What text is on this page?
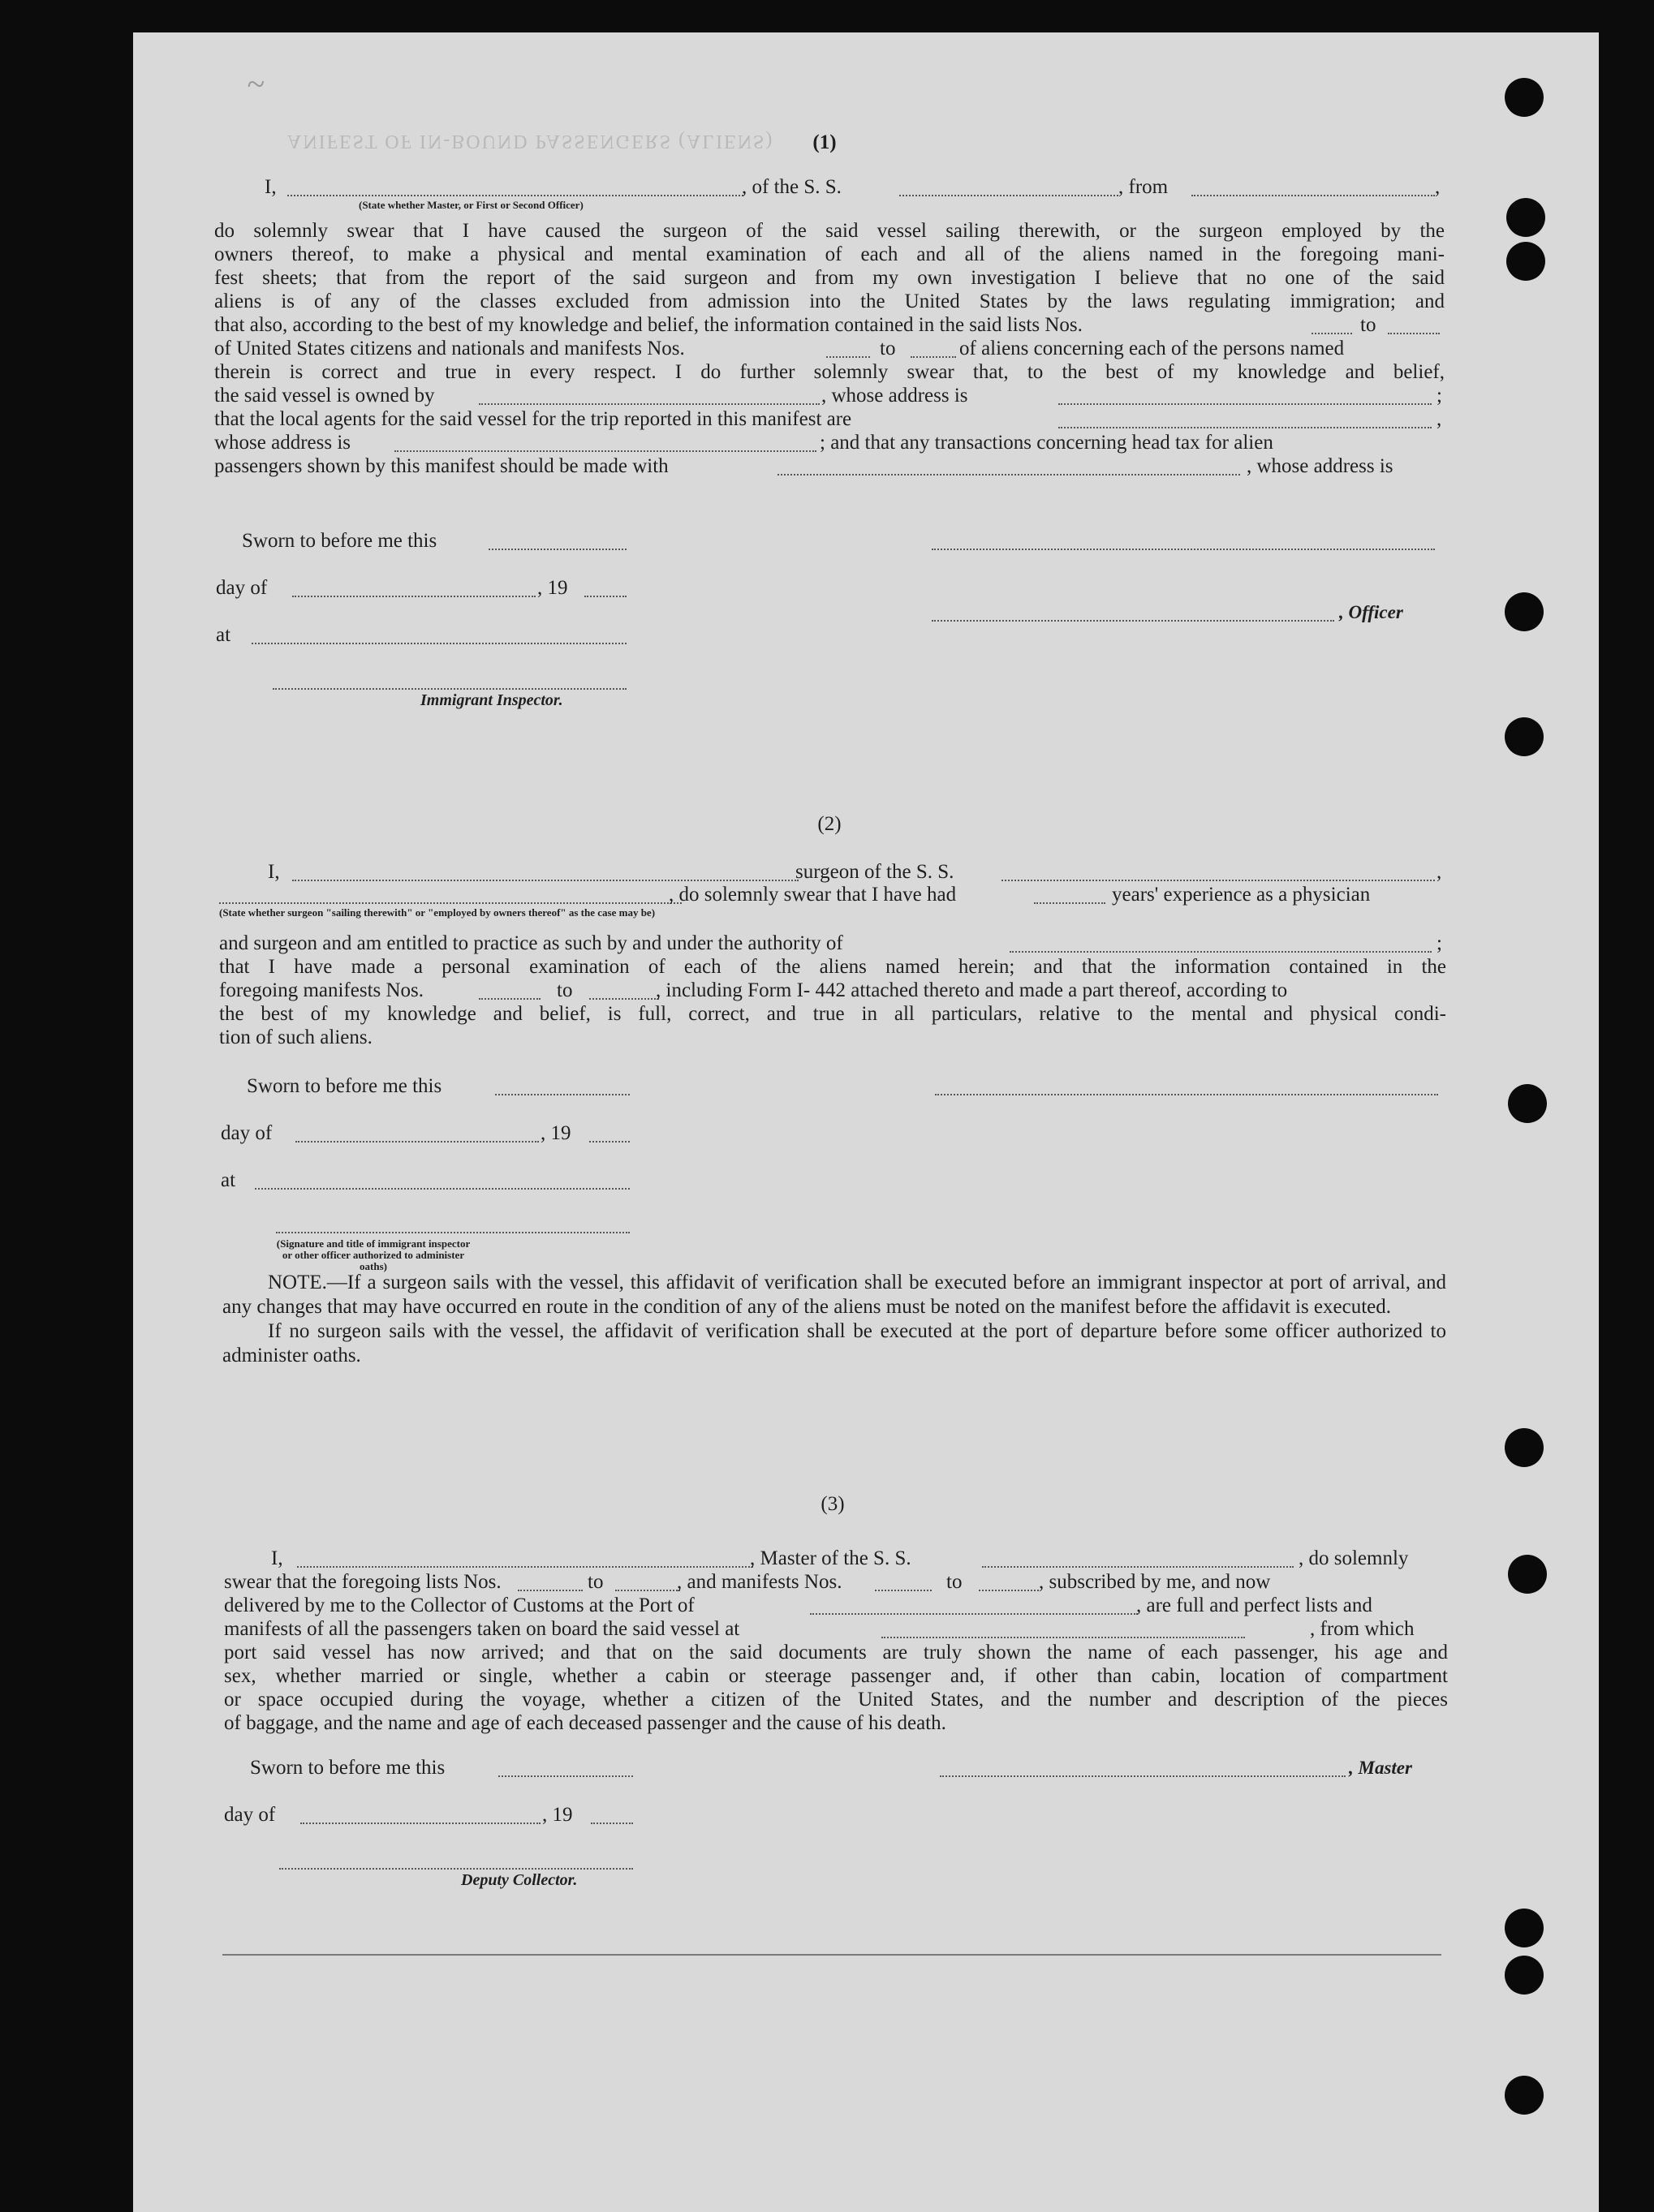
~
ANIFEST OF IN-BOUND PASSENGERS (ALIENS)	(1)
I,	, of the S. S.	, from	,
(State whether Master, or First or Second Officer)
do solemnly swear that I have caused the surgeon of the said vessel sailing therewith, or the surgeon employed by the
owners thereof, to make a physical and mental examination of each and all of the aliens named in the foregoing mani-
fest sheets; that from the report of the said surgeon and from my own investigation I believe that no one of the said
aliens is of any of the classes excluded from admission into the United States by the laws regulating immigration; and
that also, according to the best of my knowledge and belief, the information contained in the said lists Nos.	to
of United States citizens and nationals and manifests Nos.	to	of aliens concerning each of the persons named
therein is correct and true in every respect. I do further solemnly swear that, to the best of my knowledge and belief,
the said vessel is owned by	, whose address is	;
that the local agents for the said vessel for the trip reported in this manifest are	,
whose address is	; and that any transactions concerning head tax for alien
passengers shown by this manifest should be made with	, whose address is
Sworn to before me this
day of	, 19
, Officer
at
Immigrant Inspector.
(2)
I,	surgeon of the S. S.	,
, do solemnly swear that I have had	years' experience as a physician
(State whether surgeon "sailing therewith" or "employed by owners thereof" as the case may be)
and surgeon and am entitled to practice as such by and under the authority of	;
that I have made a personal examination of each of the aliens named herein; and that the information contained in the
foregoing manifests Nos.	to	, including Form I- 442 attached thereto and made a part thereof, according to
the best of my knowledge and belief, is full, correct, and true in all particulars, relative to the mental and physical condi-
tion of such aliens.
Sworn to before me this
day of	, 19
at
(Signature and title of immigrant inspector or other officer authorized to administer oaths)

NOTE.—If a surgeon sails with the vessel, this affidavit of verification shall be executed before an immigrant inspector at port of arrival, and any changes that may have occurred en route in the condition of any of the aliens must be noted on the manifest before the affidavit is executed.

If no surgeon sails with the vessel, the affidavit of verification shall be executed at the port of departure before some officer authorized to administer oaths.

(3)
I,	, Master of the S. S.	, do solemnly
swear that the foregoing lists Nos.	to	, and manifests Nos.	to	, subscribed by me, and now
delivered by me to the Collector of Customs at the Port of	, are full and perfect lists and
manifests of all the passengers taken on board the said vessel at	, from which
port said vessel has now arrived; and that on the said documents are truly shown the name of each passenger, his age and
sex, whether married or single, whether a cabin or steerage passenger and, if other than cabin, location of compartment
or space occupied during the voyage, whether a citizen of the United States, and the number and description of the pieces
of baggage, and the name and age of each deceased passenger and the cause of his death.
Sworn to before me this	, Master
day of	, 19
Deputy Collector.
